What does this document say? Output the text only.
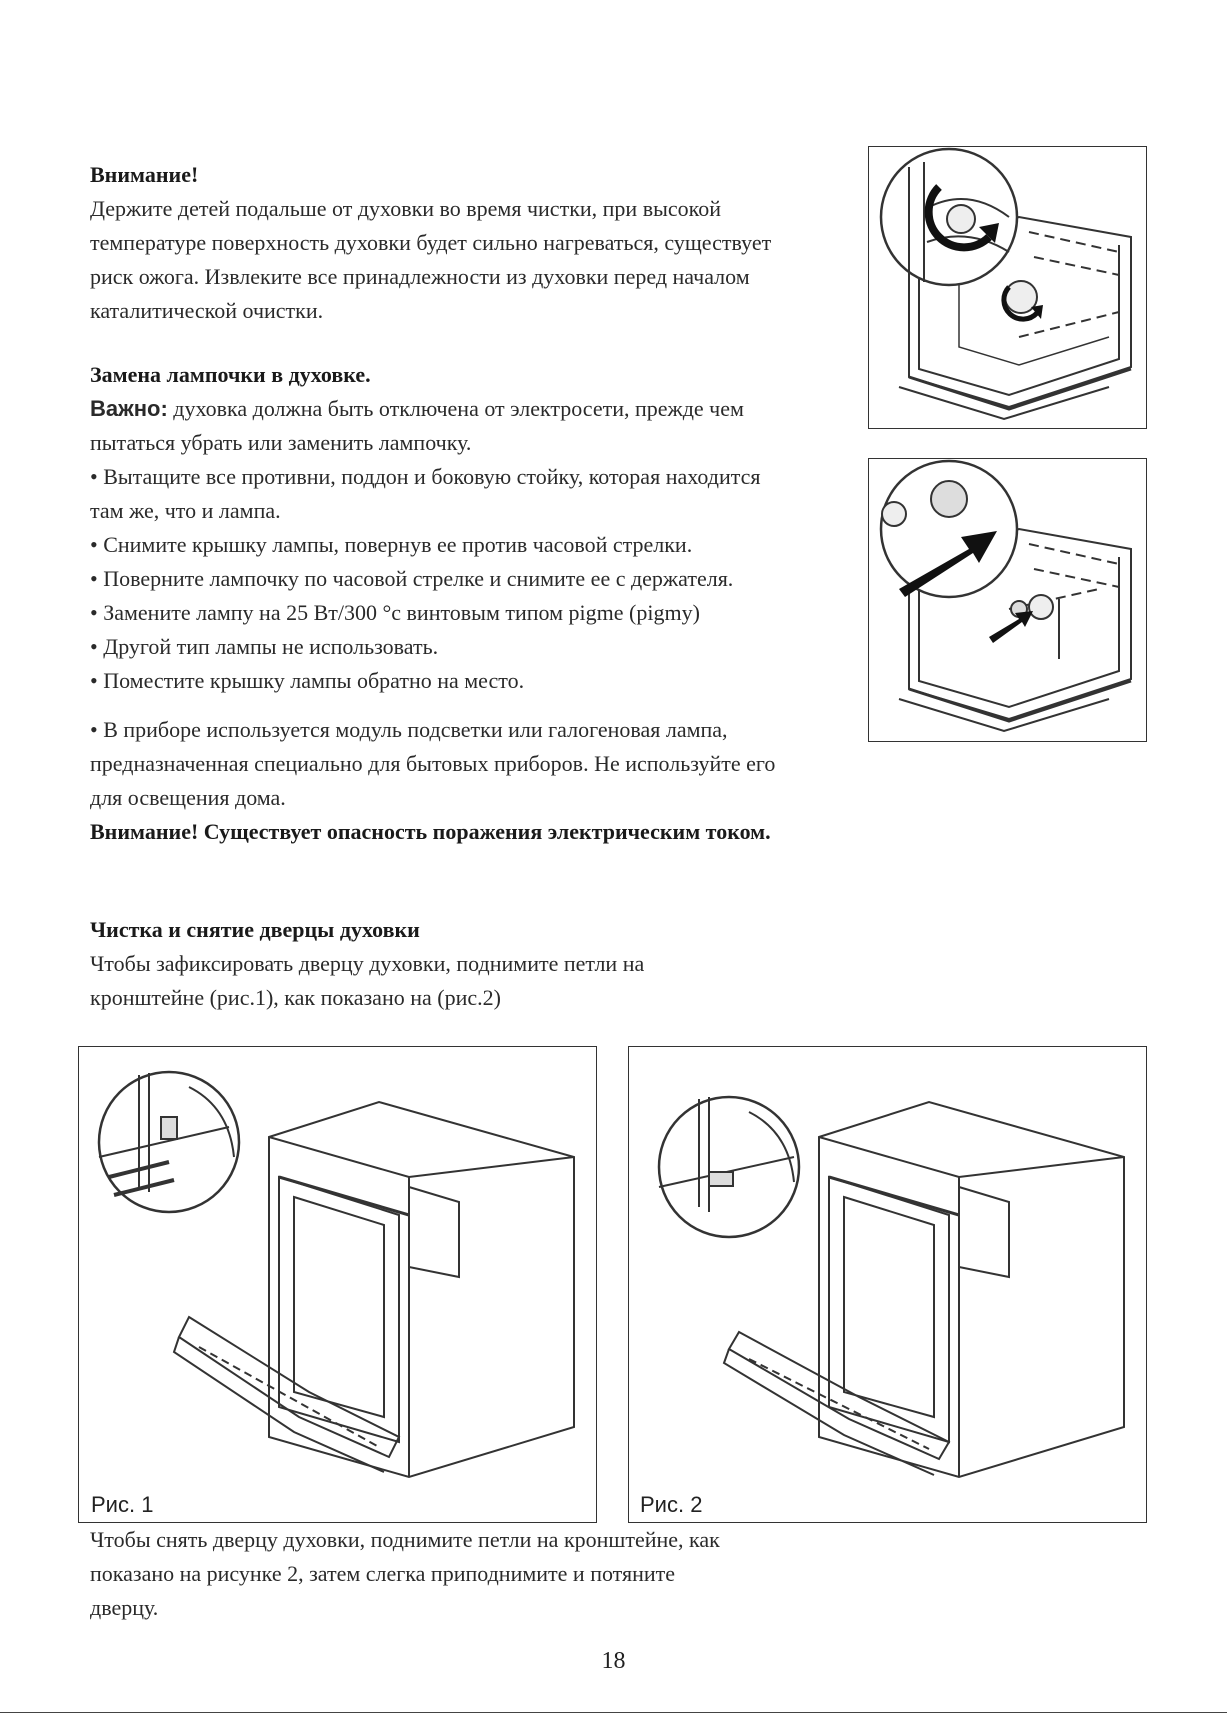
Внимание!
Держите детей подальше от духовки во время чистки, при высокой
температуре поверхность духовки будет сильно нагреваться, существует
риск ожога. Извлеките все принадлежности из духовки перед началом
каталитической очистки.
Замена лампочки в духовке.
Важно: духовка должна быть отключена от электросети, прежде чем
пытаться убрать или заменить лампочку.
• Вытащите все противни, поддон и боковую стойку, которая находится
там же, что и лампа.
• Снимите крышку лампы, повернув ее против часовой стрелки.
• Поверните лампочку по часовой стрелке и снимите ее с держателя.
• Замените лампу на 25 Вт/300 °с винтовым типом pigme (pigmy)
• Другой тип лампы не использовать.
• Поместите крышку лампы обратно на место.
• В приборе используется модуль подсветки или галогеновая лампа,
предназначенная специально для бытовых приборов. Не используйте его
для освещения дома.
Внимание! Существует опасность поражения электрическим током.
Чистка и снятие дверцы духовки
Чтобы зафиксировать дверцу духовки, поднимите петли на
кронштейне (рис.1), как показано на (рис.2)
Рис. 1	Рис. 2
Чтобы снять дверцу духовки, поднимите петли на кронштейне, как
показано на рисунке 2, затем слегка приподнимите и потяните
дверцу.
18
